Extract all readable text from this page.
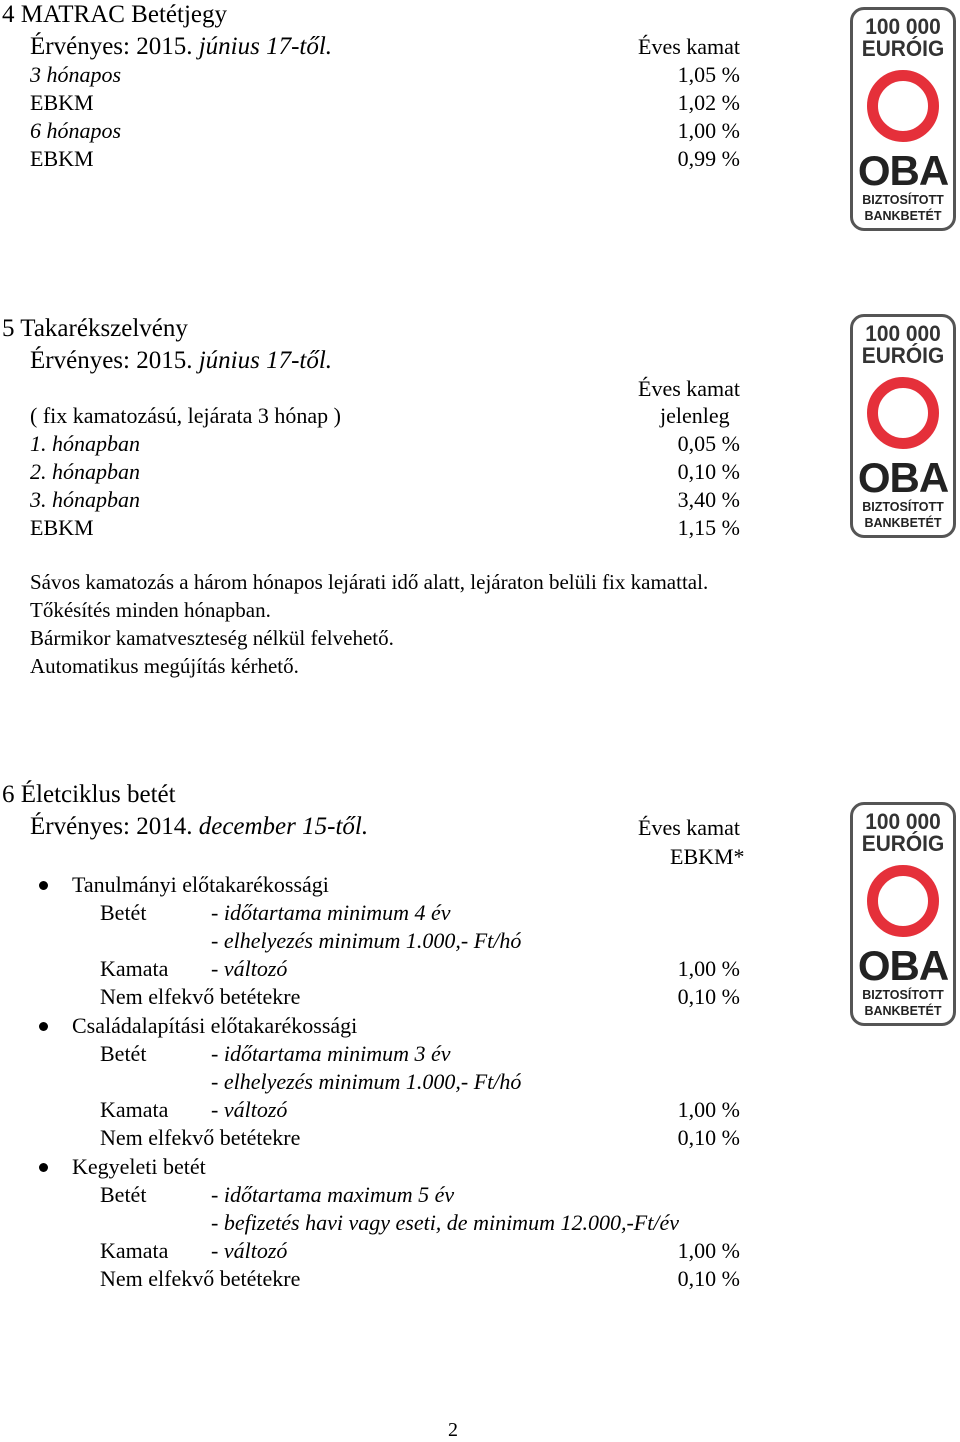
4 MATRAC Betétjegy
Érvényes: 2015. június 17-től.	Éves kamat
3 hónapos	1,05 %
EBKM	1,02 %
6 hónapos	1,00 %
EBKM	0,99 %
100 000
EURÓIG
OBA
BIZTOSÍTOTT
BANKBETÉT
5 Takarékszelvény
Érvényes: 2015. június 17-től.
Éves kamat
( fix kamatozású, lejárata 3 hónap )	jelenleg
1. hónapban	0,05 %
2. hónapban	0,10 %
3. hónapban	3,40 %
EBKM	1,15 %
Sávos kamatozás a három hónapos lejárati idő alatt, lejáraton belüli fix kamattal.
Tőkésítés minden hónapban.
Bármikor kamatveszteség nélkül felvehető.
Automatikus megújítás kérhető.
100 000
EURÓIG
OBA
BIZTOSÍTOTT
BANKBETÉT
6 Életciklus betét
Érvényes: 2014. december 15-től.	Éves kamat
EBKM*
Tanulmányi előtakarékossági
Betét	- időtartama minimum 4 év
- elhelyezés minimum 1.000,- Ft/hó
Kamata - változó	1,00 %
Nem elfekvő betétekre	0,10 %
Családalapítási előtakarékossági
Betét	- időtartama minimum 3 év
- elhelyezés minimum 1.000,- Ft/hó
Kamata - változó	1,00 %
Nem elfekvő betétekre	0,10 %
Kegyeleti betét
Betét	- időtartama maximum 5 év
- befizetés havi vagy eseti, de minimum 12.000,-Ft/év
Kamata - változó	1,00 %
Nem elfekvő betétekre	0,10 %
100 000
EURÓIG
OBA
BIZTOSÍTOTT
BANKBETÉT
2
